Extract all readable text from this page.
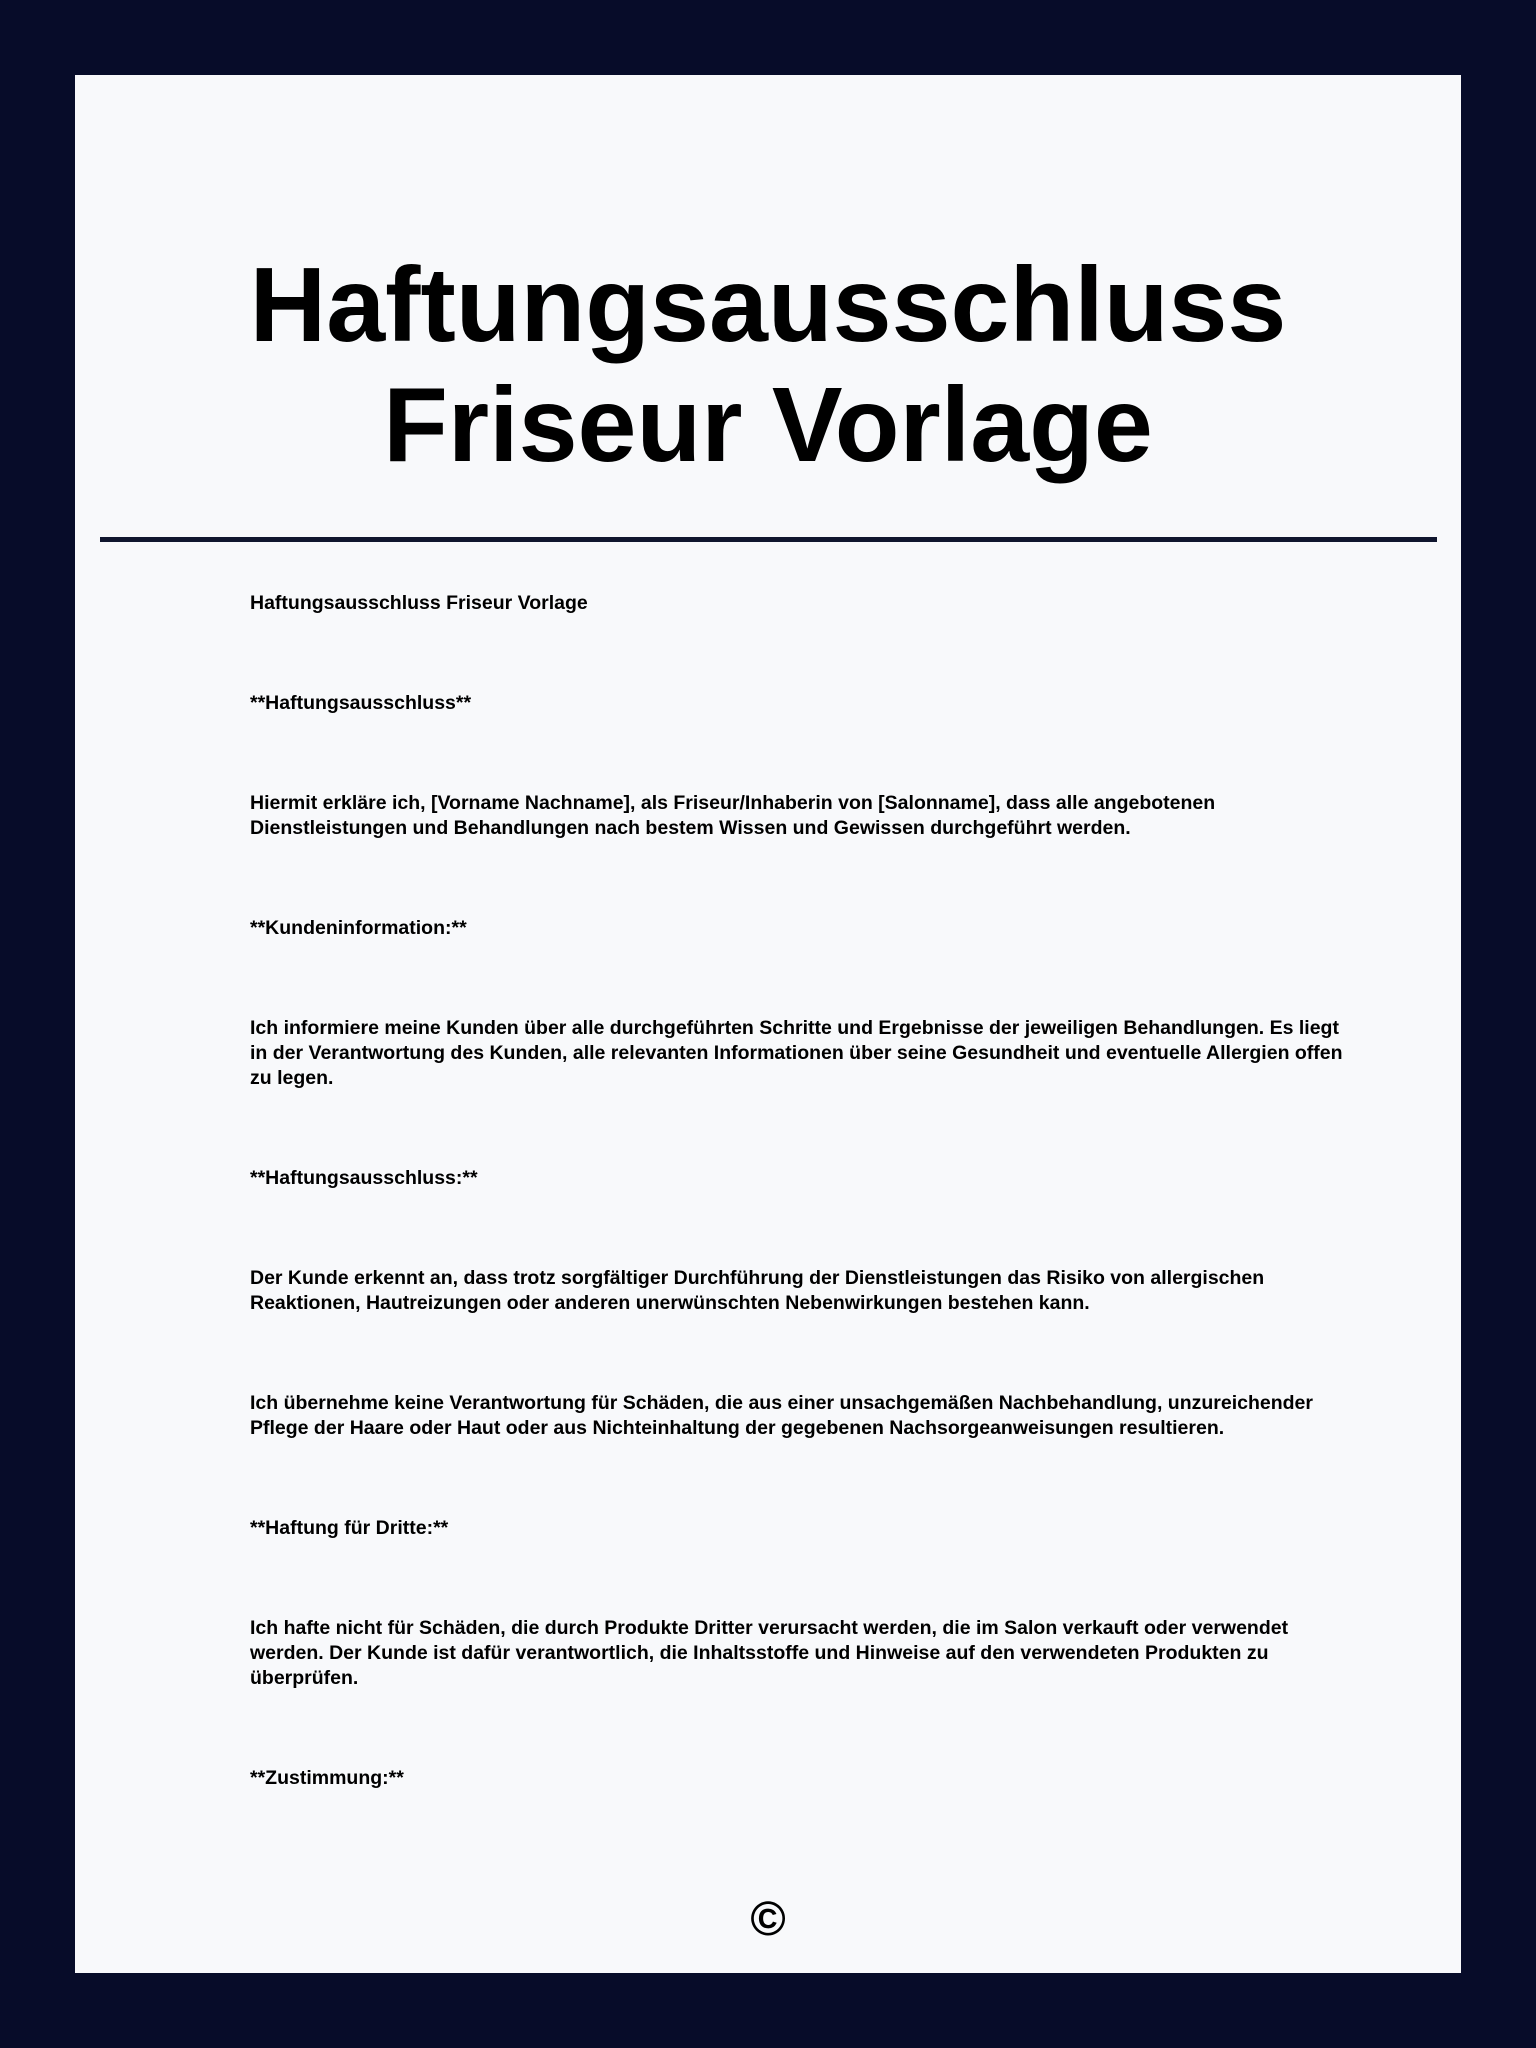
Haftungsausschluss Friseur Vorlage

Haftungsausschluss Friseur Vorlage

**Haftungsausschluss**

Hiermit erkläre ich, [Vorname Nachname], als Friseur/Inhaberin von [Salonname], dass alle angebotenen Dienstleistungen und Behandlungen nach bestem Wissen und Gewissen durchgeführt werden.

**Kundeninformation:**

Ich informiere meine Kunden über alle durchgeführten Schritte und Ergebnisse der jeweiligen Behandlungen. Es liegt in der Verantwortung des Kunden, alle relevanten Informationen über seine Gesundheit und eventuelle Allergien offen zu legen.

**Haftungsausschluss:**

Der Kunde erkennt an, dass trotz sorgfältiger Durchführung der Dienstleistungen das Risiko von allergischen Reaktionen, Hautreizungen oder anderen unerwünschten Nebenwirkungen bestehen kann.

Ich übernehme keine Verantwortung für Schäden, die aus einer unsachgemäßen Nachbehandlung, unzureichender Pflege der Haare oder Haut oder aus Nichteinhaltung der gegebenen Nachsorgeanweisungen resultieren.

**Haftung für Dritte:**

Ich hafte nicht für Schäden, die durch Produkte Dritter verursacht werden, die im Salon verkauft oder verwendet werden. Der Kunde ist dafür verantwortlich, die Inhaltsstoffe und Hinweise auf den verwendeten Produkten zu überprüfen.

**Zustimmung:**

©
